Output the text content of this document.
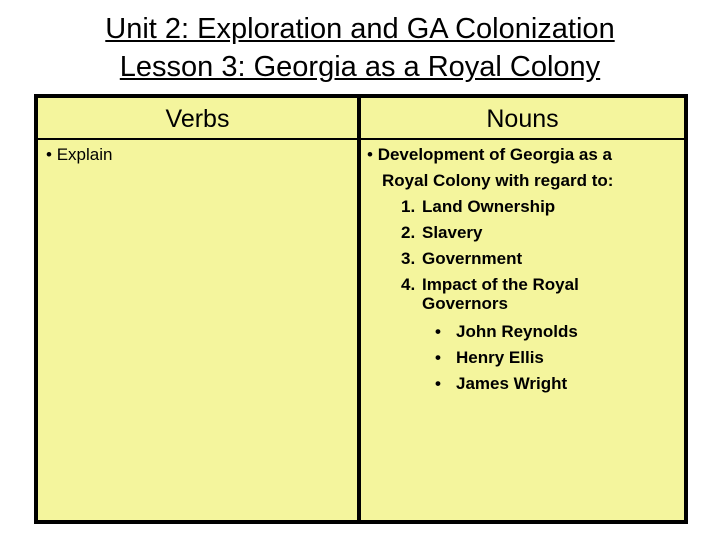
Unit 2: Exploration and GA Colonization
Lesson 3: Georgia as a Royal Colony
Verbs	Nouns
• Explain	• Development of Georgia as a
Royal Colony with regard to:
1. Land Ownership
2. Slavery
3. Government
4. Impact of the Royal
Governors
• John Reynolds
• Henry Ellis
• James Wright
